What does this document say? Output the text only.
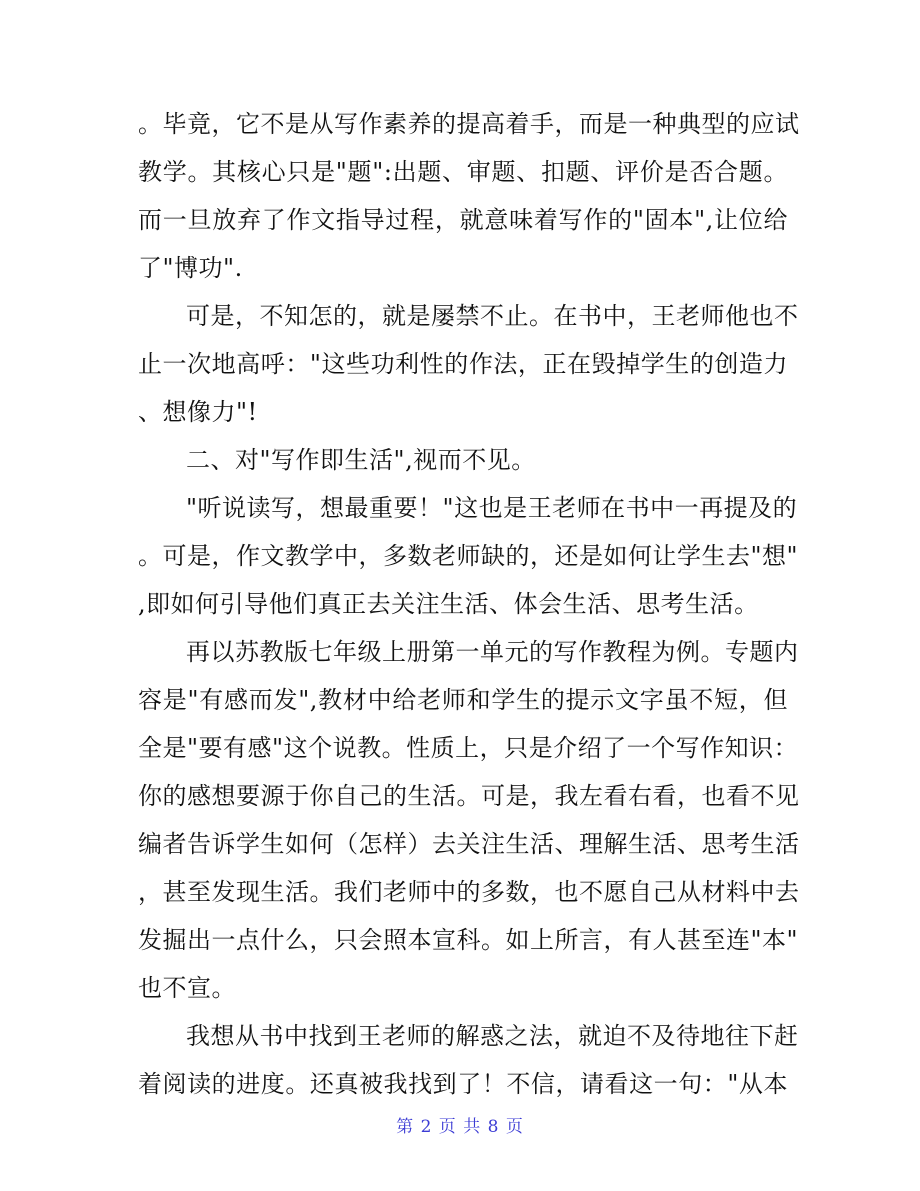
。毕竟，它不是从写作素养的提高着手，而是一种典型的应试
教学。其核心只是"题":出题、审题、扣题、评价是否合题。
而一旦放弃了作文指导过程，就意味着写作的"固本",让位给
了"博功".
可是，不知怎的，就是屡禁不止。在书中，王老师他也不
止一次地高呼："这些功利性的作法，正在毁掉学生的创造力
、想像力"!
二、对"写作即生活",视而不见。
"听说读写，想最重要！"这也是王老师在书中一再提及的
。可是，作文教学中，多数老师缺的，还是如何让学生去"想"
,即如何引导他们真正去关注生活、体会生活、思考生活。
再以苏教版七年级上册第一单元的写作教程为例。专题内
容是"有感而发",教材中给老师和学生的提示文字虽不短，但
全是"要有感"这个说教。性质上，只是介绍了一个写作知识：
你的感想要源于你自己的生活。可是，我左看右看，也看不见
编者告诉学生如何（怎样）去关注生活、理解生活、思考生活
，甚至发现生活。我们老师中的多数，也不愿自己从材料中去
发掘出一点什么，只会照本宣科。如上所言，有人甚至连"本"
也不宣。
我想从书中找到王老师的解惑之法，就迫不及待地往下赶
着阅读的进度。还真被我找到了！不信，请看这一句："从本
第 2 页 共 8 页
